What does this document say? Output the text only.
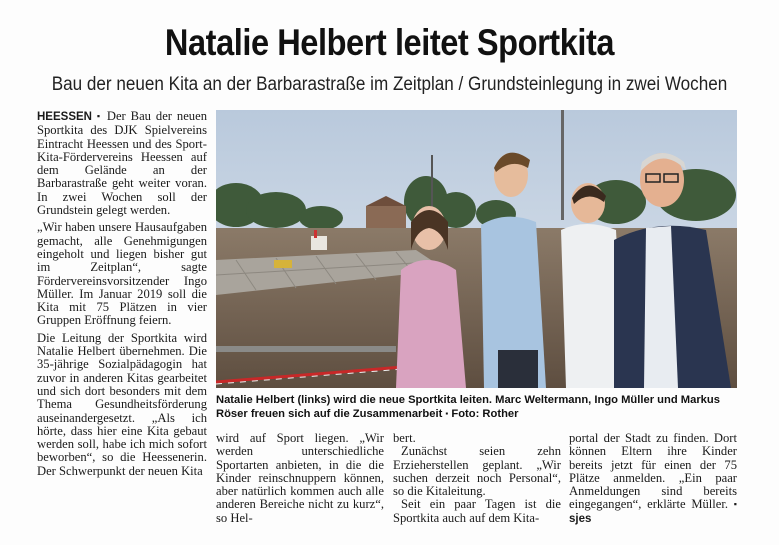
Natalie Helbert leitet Sportkita
Bau der neuen Kita an der Barbarastraße im Zeitplan / Grundsteinlegung in zwei Wochen

HEESSEN ▪ Der Bau der neuen Sportkita des DJK Spielvereins Eintracht Heessen und des Sport-Kita-Fördervereins Heessen auf dem Gelände an der Barbarastraße geht weiter voran. In zwei Wochen soll der Grundstein gelegt werden.

„Wir haben unsere Hausaufgaben gemacht, alle Genehmigungen eingeholt und liegen bisher gut im Zeitplan“, sagte Fördervereinsvorsitzender Ingo Müller. Im Januar 2019 soll die Kita mit 75 Plätzen in vier Gruppen Eröffnung feiern.

Die Leitung der Sportkita wird Natalie Helbert übernehmen. Die 35-jährige Sozialpädagogin hat zuvor in anderen Kitas gearbeitet und sich dort besonders mit dem Thema Gesundheitsförderung auseinandergesetzt. „Als ich hörte, dass hier eine Kita gebaut werden soll, habe ich mich sofort beworben“, so die Heessenerin. Der Schwerpunkt der neuen Kita

Natalie Helbert (links) wird die neue Sportkita leiten. Marc Weltermann, Ingo Müller und Markus Röser freuen sich auf die Zusammenarbeit ▪ Foto: Rother

wird auf Sport liegen. „Wir werden unterschiedliche Sportarten anbieten, in die die Kinder reinschnuppern können, aber natürlich kommen auch alle anderen Bereiche nicht zu kurz“, so Hel-

bert.

Zunächst seien zehn Erzieherstellen geplant. „Wir suchen derzeit noch Personal“, so die Kitaleitung.

Seit ein paar Tagen ist die Sportkita auch auf dem Kita-

portal der Stadt zu finden. Dort können Eltern ihre Kinder bereits jetzt für einen der 75 Plätze anmelden. „Ein paar Anmeldungen sind bereits eingegangen“, erklärte Müller. ▪ sjes
